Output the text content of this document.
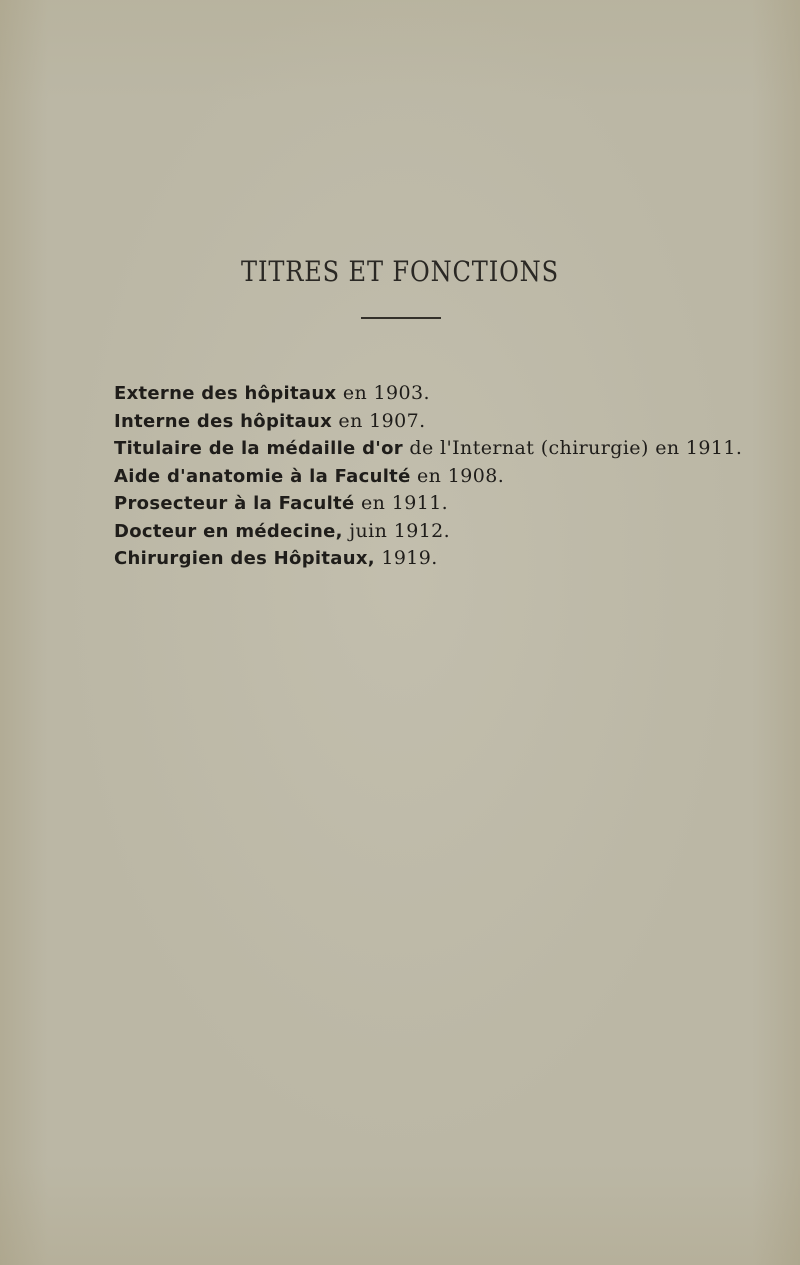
TITRES ET FONCTIONS
Externe des hôpitaux en 1903.
Interne des hôpitaux en 1907.
Titulaire de la médaille d'or de l'Internat (chirurgie) en 1911.
Aide d'anatomie à la Faculté en 1908.
Prosecteur à la Faculté en 1911.
Docteur en médecine, juin 1912.
Chirurgien des Hôpitaux, 1919.
